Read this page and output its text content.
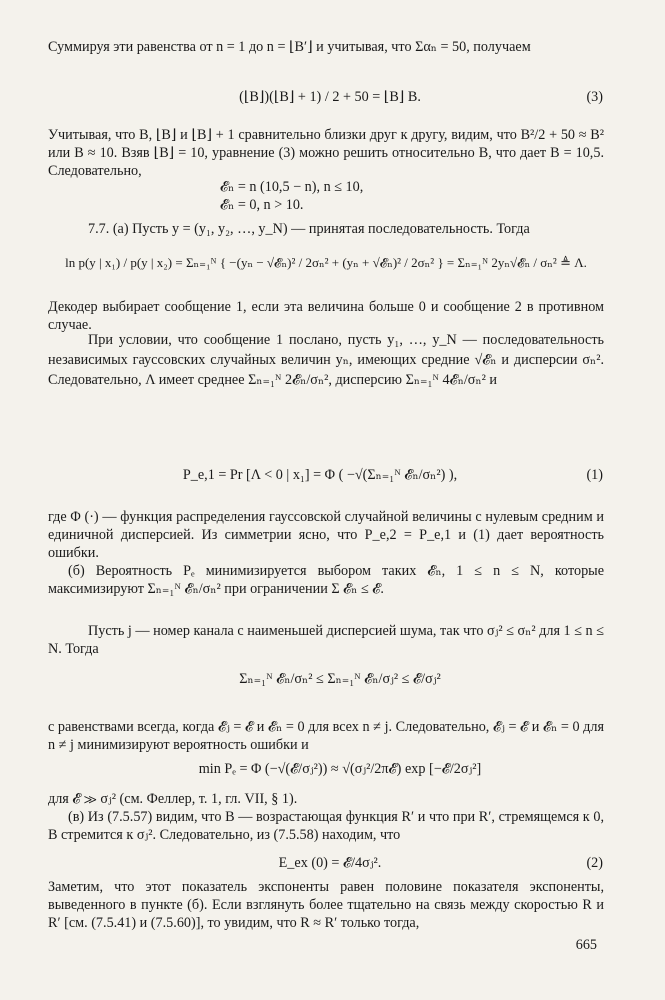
Суммируя эти равенства от n = 1 до n = ⌊B′⌋ и учитывая, что Σαₙ = 50, получаем

(⌊B⌋)(⌊B⌋ + 1) / 2 + 50 = ⌊B⌋ B.	(3)

Учитывая, что B, ⌊B⌋ и ⌊B⌋ + 1 сравнительно близки друг к другу, видим, что B²/2 + 50 ≈ B² или B ≈ 10. Взяв ⌊B⌋ = 10, уравнение (3) можно решить относительно B, что дает B = 10,5. Следовательно,

𝓔ₙ = n (10,5 − n), n ≤ 10,
𝓔ₙ = 0, n > 10.

7.7. (а) Пусть y = (y₁, y₂, …, y_N) — принятая последовательность. Тогда

ln p(y | x₁) / p(y | x₂) = Σₙ₌₁ᴺ { −(yₙ − √𝓔ₙ)² / 2σₙ² + (yₙ + √𝓔ₙ)² / 2σₙ² } = Σₙ₌₁ᴺ 2yₙ√𝓔ₙ / σₙ² ≜ Λ.

Декодер выбирает сообщение 1, если эта величина больше 0 и сообщение 2 в противном случае.

При условии, что сообщение 1 послано, пусть y₁, …, y_N — последовательность независимых гауссовских случайных величин yₙ, имеющих средние √𝓔ₙ и дисперсии σₙ². Следовательно, Λ имеет среднее Σₙ₌₁ᴺ 2𝓔ₙ/σₙ², дисперсию Σₙ₌₁ᴺ 4𝓔ₙ/σₙ² и

P_e,1 = Pr [Λ < 0 | x₁] = Φ ( −√(Σₙ₌₁ᴺ 𝓔ₙ/σₙ²) ),	(1)

где Φ (·) — функция распределения гауссовской случайной величины с нулевым средним и единичной дисперсией. Из симметрии ясно, что P_e,2 = P_e,1 и (1) дает вероятность ошибки.

(б) Вероятность Pₑ минимизируется выбором таких 𝓔ₙ, 1 ≤ n ≤ N, которые максимизируют Σₙ₌₁ᴺ 𝓔ₙ/σₙ² при ограничении Σ 𝓔ₙ ≤ 𝓔.

Пусть j — номер канала с наименьшей дисперсией шума, так что σⱼ² ≤ σₙ² для 1 ≤ n ≤ N. Тогда

Σₙ₌₁ᴺ 𝓔ₙ/σₙ² ≤ Σₙ₌₁ᴺ 𝓔ₙ/σⱼ² ≤ 𝓔/σⱼ²

с равенствами всегда, когда 𝓔ⱼ = 𝓔 и 𝓔ₙ = 0 для всех n ≠ j. Следовательно, 𝓔ⱼ = 𝓔 и 𝓔ₙ = 0 для n ≠ j минимизируют вероятность ошибки и

min Pₑ = Φ (−√(𝓔/σⱼ²)) ≈ √(σⱼ²/2π𝓔) exp [−𝓔/2σⱼ²]

для 𝓔 ≫ σⱼ² (см. Феллер, т. 1, гл. VII, § 1).

(в) Из (7.5.57) видим, что B — возрастающая функция R′ и что при R′, стремящемся к 0, B стремится к σⱼ². Следовательно, из (7.5.58) находим, что

E_ex (0) = 𝓔/4σⱼ².	(2)

Заметим, что этот показатель экспоненты равен половине показателя экспоненты, выведенного в пункте (б). Если взглянуть более тщательно на связь между скоростью R и R′ [см. (7.5.41) и (7.5.60)], то увидим, что R ≈ R′ только тогда,

665
